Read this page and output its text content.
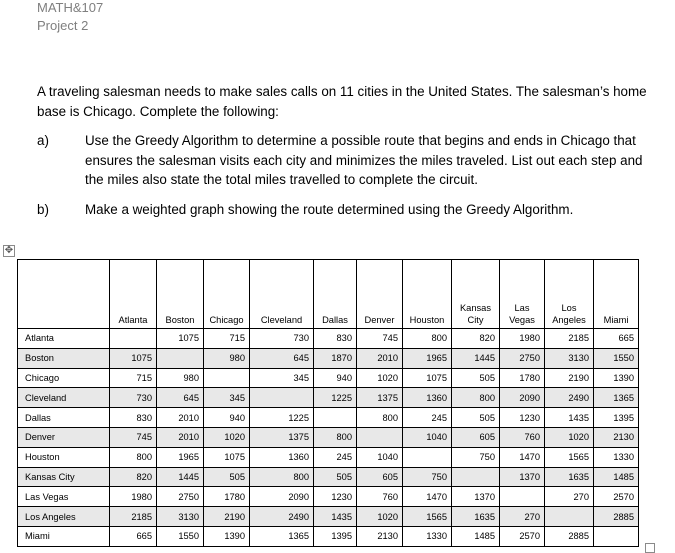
MATH&107
Project 2
A traveling salesman needs to make sales calls on 11 cities in the United States. The salesman’s home base is Chicago. Complete the following:
a)	Use the Greedy Algorithm to determine a possible route that begins and ends in Chicago that ensures the salesman visits each city and minimizes the miles traveled. List out each step and the miles also state the total miles travelled to complete the circuit.
b)	Make a weighted graph showing the route determined using the Greedy Algorithm.
✥
	Atlanta	Boston	Chicago	Cleveland	Dallas	Denver	Houston	Kansas City	Las Vegas	Los Angeles	Miami
Atlanta		1075	715	730	830	745	800	820	1980	2185	665
Boston	1075		980	645	1870	2010	1965	1445	2750	3130	1550
Chicago	715	980		345	940	1020	1075	505	1780	2190	1390
Cleveland	730	645	345		1225	1375	1360	800	2090	2490	1365
Dallas	830	2010	940	1225		800	245	505	1230	1435	1395
Denver	745	2010	1020	1375	800		1040	605	760	1020	2130
Houston	800	1965	1075	1360	245	1040		750	1470	1565	1330
Kansas City	820	1445	505	800	505	605	750		1370	1635	1485
Las Vegas	1980	2750	1780	2090	1230	760	1470	1370		270	2570
Los Angeles	2185	3130	2190	2490	1435	1020	1565	1635	270		2885
Miami	665	1550	1390	1365	1395	2130	1330	1485	2570	2885	
